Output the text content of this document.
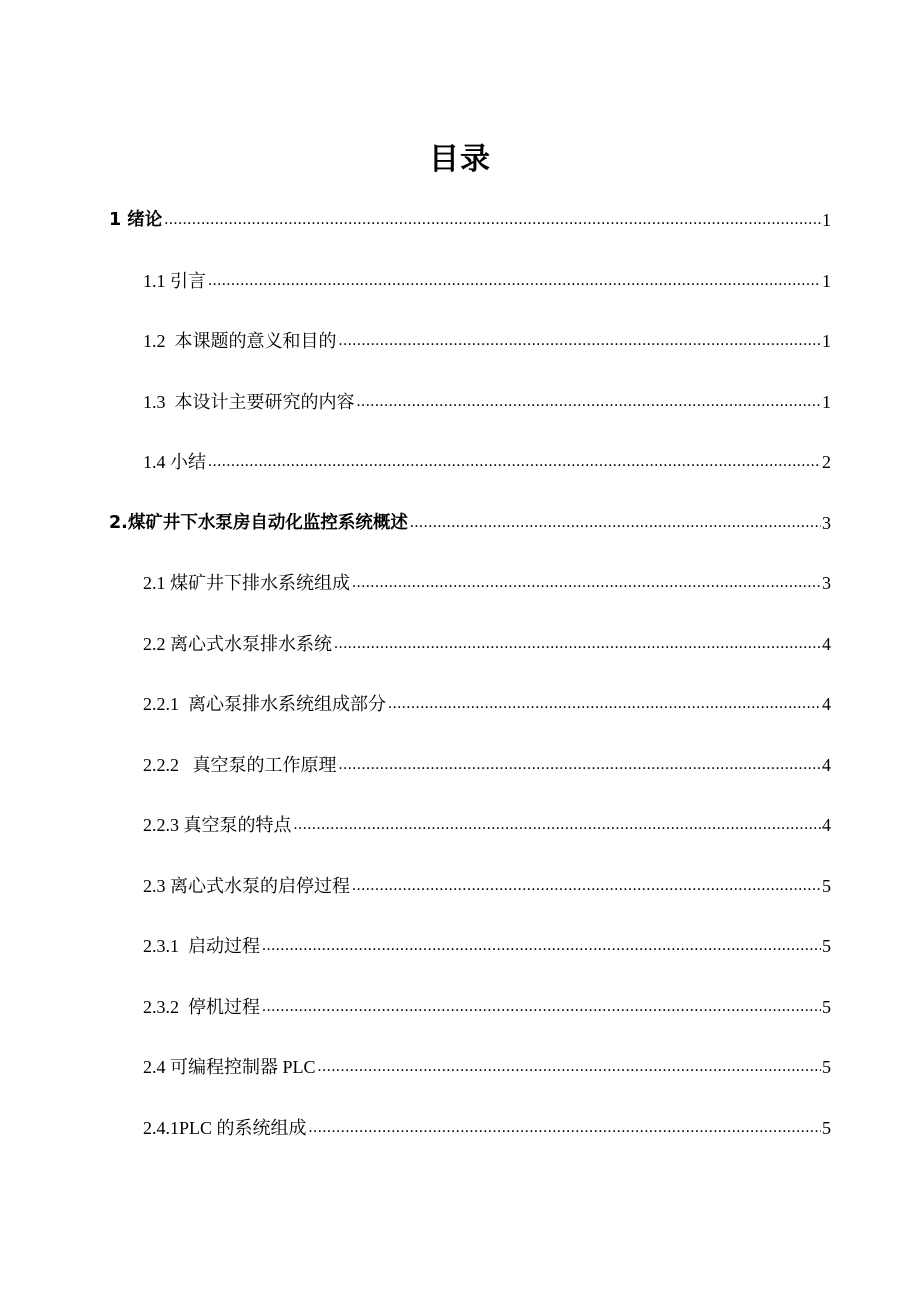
目录
1 绪论 .....	1
1.1 引言 .....	1
1.2  本课题的意义和目的 .....	1
1.3  本设计主要研究的内容 .....	1
1.4 小结 .....	2
2.煤矿井下水泵房自动化监控系统概述 .....	3
2.1 煤矿井下排水系统组成 .....	3
2.2 离心式水泵排水系统 .....	4
2.2.1  离心泵排水系统组成部分 .....	4
2.2.2   真空泵的工作原理 .....	4
2.2.3 真空泵的特点 .....	4
2.3 离心式水泵的启停过程 .....	5
2.3.1  启动过程 .....	5
2.3.2  停机过程 .....	5
2.4 可编程控制器 PLC .....	5
2.4.1PLC 的系统组成 .....	5
